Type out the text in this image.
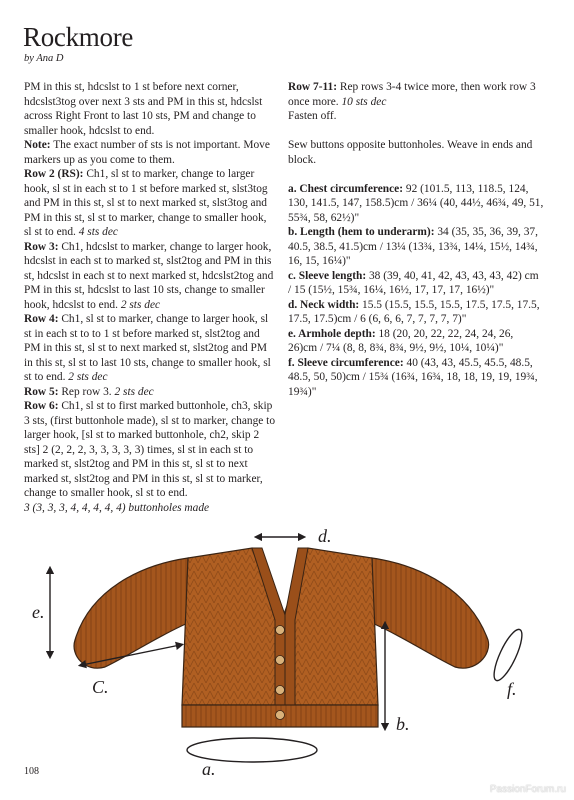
Rockmore
by Ana D

PM in this st, hdcslst to 1 st before next corner, hdcslst3tog over next 3 sts and PM in this st, hdcslst across Right Front to last 10 sts, PM and change to smaller hook, hdcslst to end.

Note: The exact number of sts is not important. Move markers up as you come to them.

Row 2 (RS): Ch1, sl st to marker, change to larger hook, sl st in each st to 1 st before marked st, slst3tog and PM in this st, sl st to next marked st, slst3tog and PM in this st, sl st to marker, change to smaller hook, sl st to end. 4 sts dec

Row 3: Ch1, hdcslst to marker, change to larger hook, hdcslst in each st to marked st, slst2tog and PM in this st, hdcslst in each st to next marked st, hdcslst2tog and PM in this st, hdcslst to last 10 sts, change to smaller hook, hdcslst to end. 2 sts dec

Row 4: Ch1, sl st to marker, change to larger hook, sl st in each st to to 1 st before marked st, slst2tog and PM in this st, sl st to next marked st, slst2tog and PM in this st, sl st to last 10 sts, change to smaller hook, sl st to end. 2 sts dec

Row 5: Rep row 3. 2 sts dec

Row 6: Ch1, sl st to first marked buttonhole, ch3, skip 3 sts, (first buttonhole made), sl st to marker, change to larger hook, [sl st to marked buttonhole, ch2, skip 2 sts] 2 (2, 2, 2, 3, 3, 3, 3, 3) times, sl st in each st to marked st, slst2tog and PM in this st, sl st to next marked st, slst2tog and PM in this st, sl st to marker, change to smaller hook, sl st to end.

3 (3, 3, 3, 4, 4, 4, 4, 4) buttonholes made

Row 7-11: Rep rows 3-4 twice more, then work row 3 once more. 10 sts dec

Fasten off.

Sew buttons opposite buttonholes. Weave in ends and block.

a. Chest circumference: 92 (101.5, 113, 118.5, 124, 130, 141.5, 147, 158.5)cm / 36¼ (40, 44½, 46¾, 49, 51, 55¾, 58, 62½)"

b. Length (hem to underarm): 34 (35, 35, 36, 39, 37, 40.5, 38.5, 41.5)cm / 13¼ (13¾, 13¾, 14¼, 15½, 14¾, 16, 15, 16¼)"

c. Sleeve length: 38 (39, 40, 41, 42, 43, 43, 43, 42) cm / 15 (15½, 15¾, 16¼, 16½, 17, 17, 17, 16½)"

d. Neck width: 15.5 (15.5, 15.5, 15.5, 17.5, 17.5, 17.5, 17.5, 17.5)cm / 6 (6, 6, 6, 7, 7, 7, 7, 7)"

e. Armhole depth: 18 (20, 20, 22, 22, 24, 24, 26, 26)cm / 7¼ (8, 8, 8¾, 8¾, 9½, 9½, 10¼, 10¼)"

f. Sleeve circumference: 40 (43, 43, 45.5, 45.5, 48.5, 48.5, 50, 50)cm / 15¾ (16¾, 16¾, 18, 18, 19, 19, 19¾, 19¾)"

d.
e.
C.	f.
b.
a.
108
PassionForum.ru
